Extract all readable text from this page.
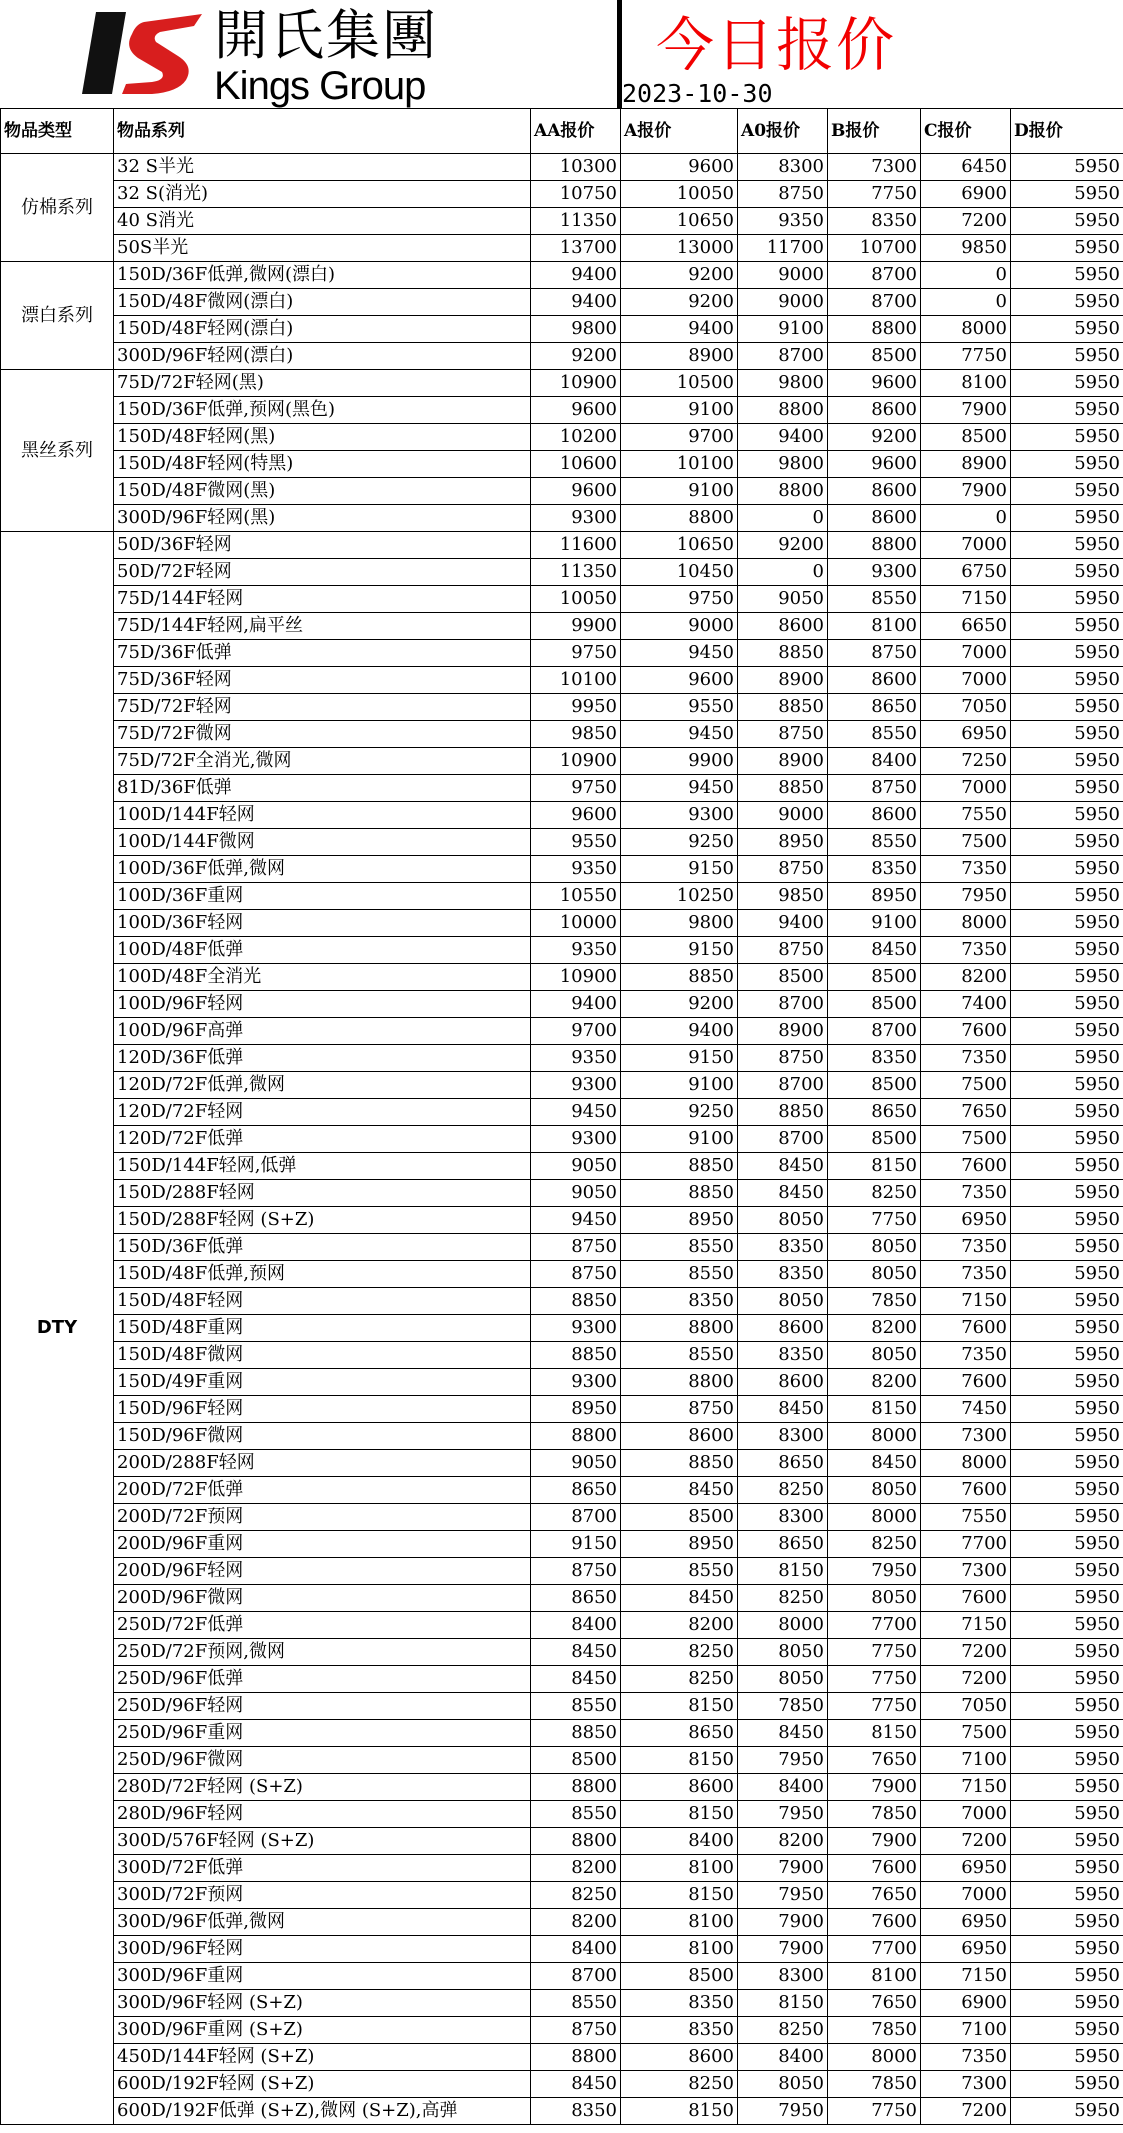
開氏集團
Kings Group
今日报价
2023-10-30
物品类型	物品系列	AA报价	A报价	A0报价	B报价	C报价	D报价
仿棉系列	32 S半光	10300	9600	8300	7300	6450	5950
	32 S(消光)	10750	10050	8750	7750	6900	5950
	40 S消光	11350	10650	9350	8350	7200	5950
	50S半光	13700	13000	11700	10700	9850	5950
漂白系列	150D/36F低弹,微网(漂白)	9400	9200	9000	8700	0	5950
	150D/48F微网(漂白)	9400	9200	9000	8700	0	5950
	150D/48F轻网(漂白)	9800	9400	9100	8800	8000	5950
	300D/96F轻网(漂白)	9200	8900	8700	8500	7750	5950
黑丝系列	75D/72F轻网(黑)	10900	10500	9800	9600	8100	5950
	150D/36F低弹,预网(黑色)	9600	9100	8800	8600	7900	5950
	150D/48F轻网(黑)	10200	9700	9400	9200	8500	5950
	150D/48F轻网(特黑)	10600	10100	9800	9600	8900	5950
	150D/48F微网(黑)	9600	9100	8800	8600	7900	5950
	300D/96F轻网(黑)	9300	8800	0	8600	0	5950
DTY	50D/36F轻网	11600	10650	9200	8800	7000	5950
	50D/72F轻网	11350	10450	0	9300	6750	5950
	75D/144F轻网	10050	9750	9050	8550	7150	5950
	75D/144F轻网,扁平丝	9900	9000	8600	8100	6650	5950
	75D/36F低弹	9750	9450	8850	8750	7000	5950
	75D/36F轻网	10100	9600	8900	8600	7000	5950
	75D/72F轻网	9950	9550	8850	8650	7050	5950
	75D/72F微网	9850	9450	8750	8550	6950	5950
	75D/72F全消光,微网	10900	9900	8900	8400	7250	5950
	81D/36F低弹	9750	9450	8850	8750	7000	5950
	100D/144F轻网	9600	9300	9000	8600	7550	5950
	100D/144F微网	9550	9250	8950	8550	7500	5950
	100D/36F低弹,微网	9350	9150	8750	8350	7350	5950
	100D/36F重网	10550	10250	9850	8950	7950	5950
	100D/36F轻网	10000	9800	9400	9100	8000	5950
	100D/48F低弹	9350	9150	8750	8450	7350	5950
	100D/48F全消光	10900	8850	8500	8500	8200	5950
	100D/96F轻网	9400	9200	8700	8500	7400	5950
	100D/96F高弹	9700	9400	8900	8700	7600	5950
	120D/36F低弹	9350	9150	8750	8350	7350	5950
	120D/72F低弹,微网	9300	9100	8700	8500	7500	5950
	120D/72F轻网	9450	9250	8850	8650	7650	5950
	120D/72F低弹	9300	9100	8700	8500	7500	5950
	150D/144F轻网,低弹	9050	8850	8450	8150	7600	5950
	150D/288F轻网	9050	8850	8450	8250	7350	5950
	150D/288F轻网 (S+Z)	9450	8950	8050	7750	6950	5950
	150D/36F低弹	8750	8550	8350	8050	7350	5950
	150D/48F低弹,预网	8750	8550	8350	8050	7350	5950
	150D/48F轻网	8850	8350	8050	7850	7150	5950
	150D/48F重网	9300	8800	8600	8200	7600	5950
	150D/48F微网	8850	8550	8350	8050	7350	5950
	150D/49F重网	9300	8800	8600	8200	7600	5950
	150D/96F轻网	8950	8750	8450	8150	7450	5950
	150D/96F微网	8800	8600	8300	8000	7300	5950
	200D/288F轻网	9050	8850	8650	8450	8000	5950
	200D/72F低弹	8650	8450	8250	8050	7600	5950
	200D/72F预网	8700	8500	8300	8000	7550	5950
	200D/96F重网	9150	8950	8650	8250	7700	5950
	200D/96F轻网	8750	8550	8150	7950	7300	5950
	200D/96F微网	8650	8450	8250	8050	7600	5950
	250D/72F低弹	8400	8200	8000	7700	7150	5950
	250D/72F预网,微网	8450	8250	8050	7750	7200	5950
	250D/96F低弹	8450	8250	8050	7750	7200	5950
	250D/96F轻网	8550	8150	7850	7750	7050	5950
	250D/96F重网	8850	8650	8450	8150	7500	5950
	250D/96F微网	8500	8150	7950	7650	7100	5950
	280D/72F轻网 (S+Z)	8800	8600	8400	7900	7150	5950
	280D/96F轻网	8550	8150	7950	7850	7000	5950
	300D/576F轻网 (S+Z)	8800	8400	8200	7900	7200	5950
	300D/72F低弹	8200	8100	7900	7600	6950	5950
	300D/72F预网	8250	8150	7950	7650	7000	5950
	300D/96F低弹,微网	8200	8100	7900	7600	6950	5950
	300D/96F轻网	8400	8100	7900	7700	6950	5950
	300D/96F重网	8700	8500	8300	8100	7150	5950
	300D/96F轻网 (S+Z)	8550	8350	8150	7650	6900	5950
	300D/96F重网 (S+Z)	8750	8350	8250	7850	7100	5950
	450D/144F轻网 (S+Z)	8800	8600	8400	8000	7350	5950
	600D/192F轻网 (S+Z)	8450	8250	8050	7850	7300	5950
	600D/192F低弹 (S+Z),微网 (S+Z),高弹	8350	8150	7950	7750	7200	5950
